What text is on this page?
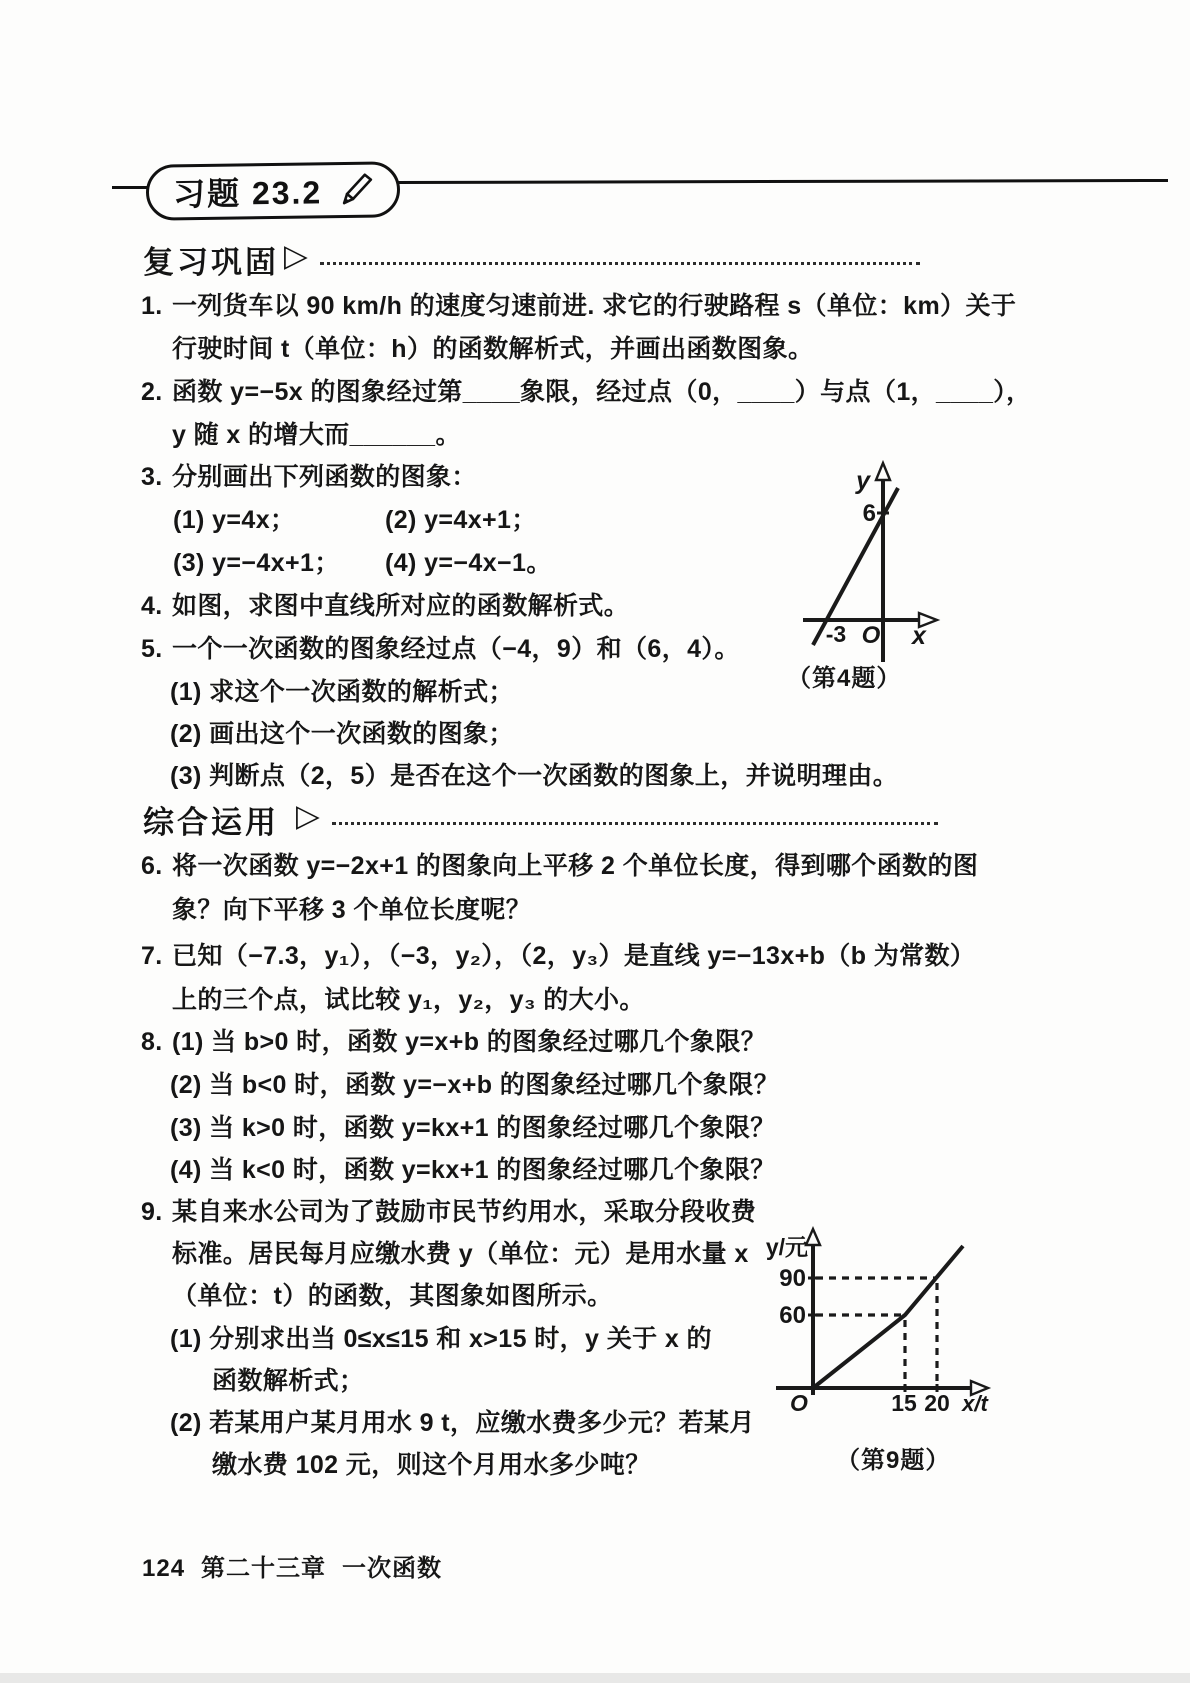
习题 23.2
复习巩固 ▷
1. 一列货车以 90 km/h 的速度匀速前进. 求它的行驶路程 s（单位：km）关于
行驶时间 t（单位：h）的函数解析式，并画出函数图象。
2. 函数 y=−5x 的图象经过第____象限，经过点（0，____）与点（1，____），
y 随 x 的增大而______。
3. 分别画出下列函数的图象：
(1) y=4x；	(2) y=4x+1；
(3) y=−4x+1； (4) y=−4x−1。
4. 如图，求图中直线所对应的函数解析式。
5. 一个一次函数的图象经过点（−4，9）和（6，4）。
(1) 求这个一次函数的解析式；
(2) 画出这个一次函数的图象；
(3) 判断点（2，5）是否在这个一次函数的图象上，并说明理由。
y
6
-3 O x
（第4题）
综合运用 ▷
6. 将一次函数 y=−2x+1 的图象向上平移 2 个单位长度，得到哪个函数的图
象？向下平移 3 个单位长度呢？
7. 已知（−7.3，y₁），（−3，y₂），（2，y₃）是直线 y=−13x+b（b 为常数）
上的三个点，试比较 y₁，y₂，y₃ 的大小。
8. (1) 当 b>0 时，函数 y=x+b 的图象经过哪几个象限？
(2) 当 b<0 时，函数 y=−x+b 的图象经过哪几个象限？
(3) 当 k>0 时，函数 y=kx+1 的图象经过哪几个象限？
(4) 当 k<0 时，函数 y=kx+1 的图象经过哪几个象限？
9. 某自来水公司为了鼓励市民节约用水，采取分段收费
标准。居民每月应缴水费 y（单位：元）是用水量 x
（单位：t）的函数，其图象如图所示。
(1) 分别求出当 0≤x≤15 和 x>15 时，y 关于 x 的
函数解析式；
(2) 若某用户某月用水 9 t，应缴水费多少元？若某月
缴水费 102 元，则这个月用水多少吨？
y/元
90
60
O	15 20 x/t
（第9题）
124 第二十三章 一次函数
